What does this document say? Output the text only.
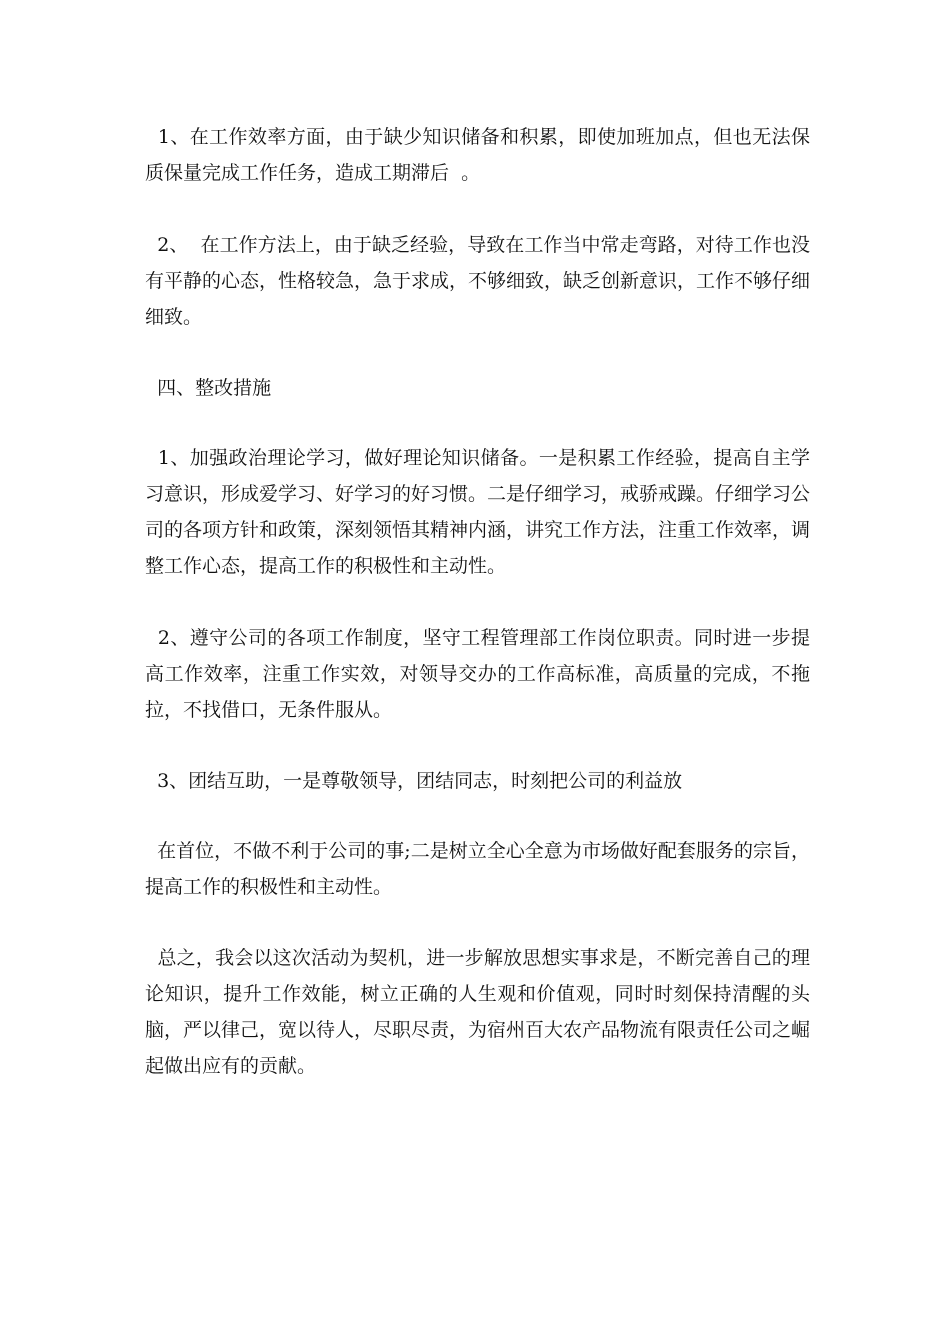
1、在工作效率方面，由于缺少知识储备和积累，即使加班加点，但也无法保质保量完成工作任务，造成工期滞后  。

2、  在工作方法上，由于缺乏经验，导致在工作当中常走弯路，对待工作也没有平静的心态，性格较急，急于求成，不够细致，缺乏创新意识，工作不够仔细细致。

四、整改措施

1、加强政治理论学习，做好理论知识储备。一是积累工作经验，提高自主学习意识，形成爱学习、好学习的好习惯。二是仔细学习，戒骄戒躁。仔细学习公司的各项方针和政策，深刻领悟其精神内涵，讲究工作方法，注重工作效率，调整工作心态，提高工作的积极性和主动性。

2、遵守公司的各项工作制度，坚守工程管理部工作岗位职责。同时进一步提高工作效率，注重工作实效，对领导交办的工作高标准，高质量的完成，不拖拉，不找借口，无条件服从。

3、团结互助，一是尊敬领导，团结同志，时刻把公司的利益放

在首位，不做不利于公司的事;二是树立全心全意为市场做好配套服务的宗旨，提高工作的积极性和主动性。

总之，我会以这次活动为契机，进一步解放思想实事求是，不断完善自己的理论知识，提升工作效能，树立正确的人生观和价值观，同时时刻保持清醒的头脑，严以律己，宽以待人，尽职尽责，为宿州百大农产品物流有限责任公司之崛起做出应有的贡献。
